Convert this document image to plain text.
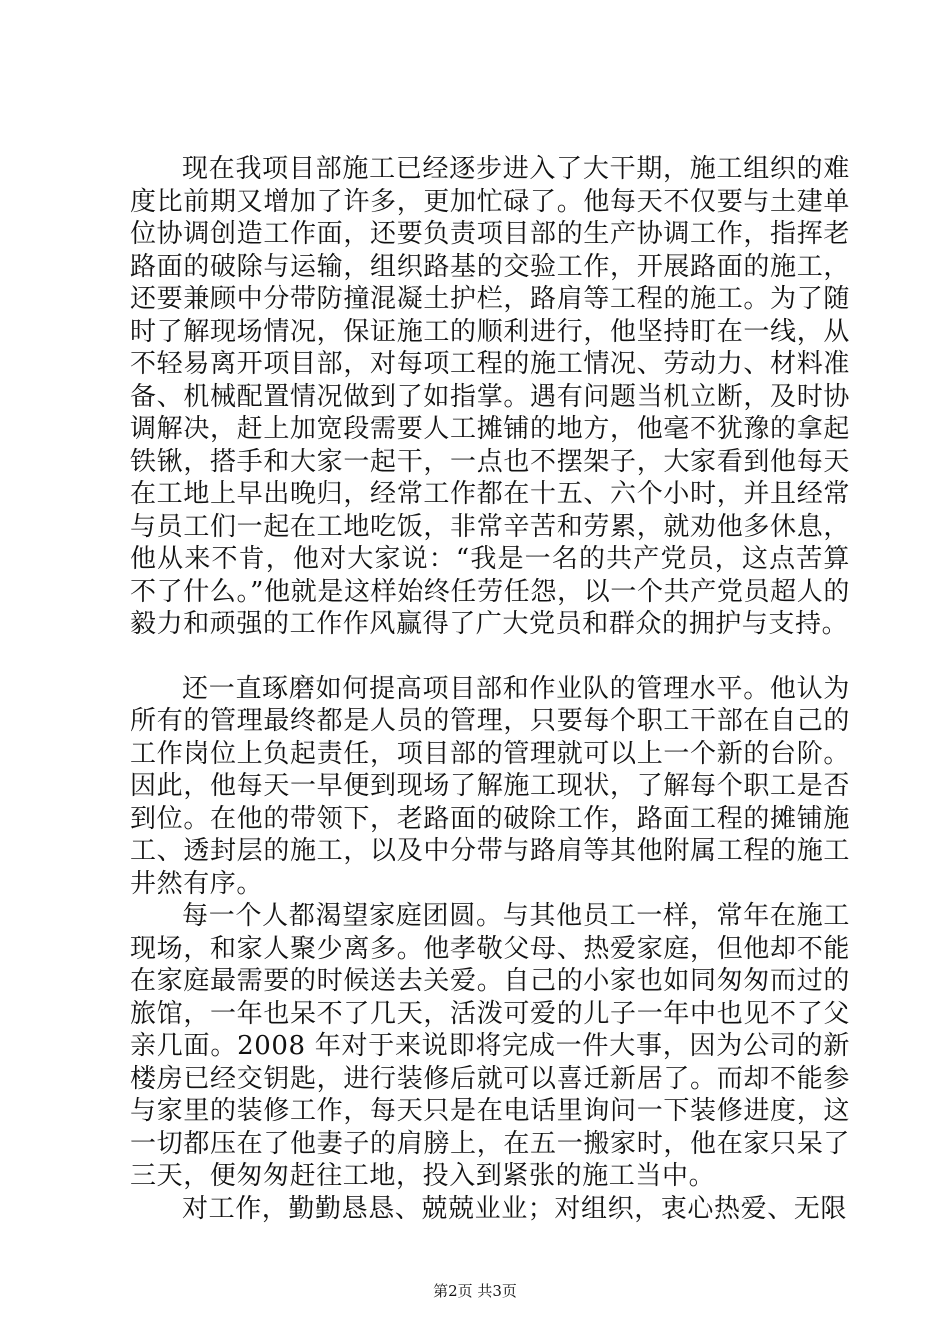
现在我项目部施工已经逐步进入了大干期，施工组织的难度比前期又增加了许多，更加忙碌了。他每天不仅要与土建单位协调创造工作面，还要负责项目部的生产协调工作，指挥老路面的破除与运输，组织路基的交验工作，开展路面的施工，还要兼顾中分带防撞混凝土护栏，路肩等工程的施工。为了随时了解现场情况，保证施工的顺利进行，他坚持盯在一线，从不轻易离开项目部，对每项工程的施工情况、劳动力、材料准备、机械配置情况做到了如指掌。遇有问题当机立断，及时协调解决，赶上加宽段需要人工摊铺的地方，他毫不犹豫的拿起铁锹，搭手和大家一起干，一点也不摆架子，大家看到他每天在工地上早出晚归，经常工作都在十五、六个小时，并且经常与员工们一起在工地吃饭，非常辛苦和劳累，就劝他多休息，他从来不肯，他对大家说：“我是一名的共产党员，这点苦算不了什么。”他就是这样始终任劳任怨，以一个共产党员超人的毅力和顽强的工作作风赢得了广大党员和群众的拥护与支持。

还一直琢磨如何提高项目部和作业队的管理水平。他认为所有的管理最终都是人员的管理，只要每个职工干部在自己的工作岗位上负起责任，项目部的管理就可以上一个新的台阶。因此，他每天一早便到现场了解施工现状，了解每个职工是否到位。在他的带领下，老路面的破除工作，路面工程的摊铺施工、透封层的施工，以及中分带与路肩等其他附属工程的施工井然有序。

每一个人都渴望家庭团圆。与其他员工一样，常年在施工现场，和家人聚少离多。他孝敬父母、热爱家庭，但他却不能在家庭最需要的时候送去关爱。自己的小家也如同匆匆而过的旅馆，一年也呆不了几天，活泼可爱的儿子一年中也见不了父亲几面。2008 年对于来说即将完成一件大事，因为公司的新楼房已经交钥匙，进行装修后就可以喜迁新居了。而却不能参与家里的装修工作，每天只是在电话里询问一下装修进度，这一切都压在了他妻子的肩膀上，在五一搬家时，他在家只呆了三天，便匆匆赶往工地，投入到紧张的施工当中。

对工作，勤勤恳恳、兢兢业业；对组织，衷心热爱、无限

第2页 共3页
